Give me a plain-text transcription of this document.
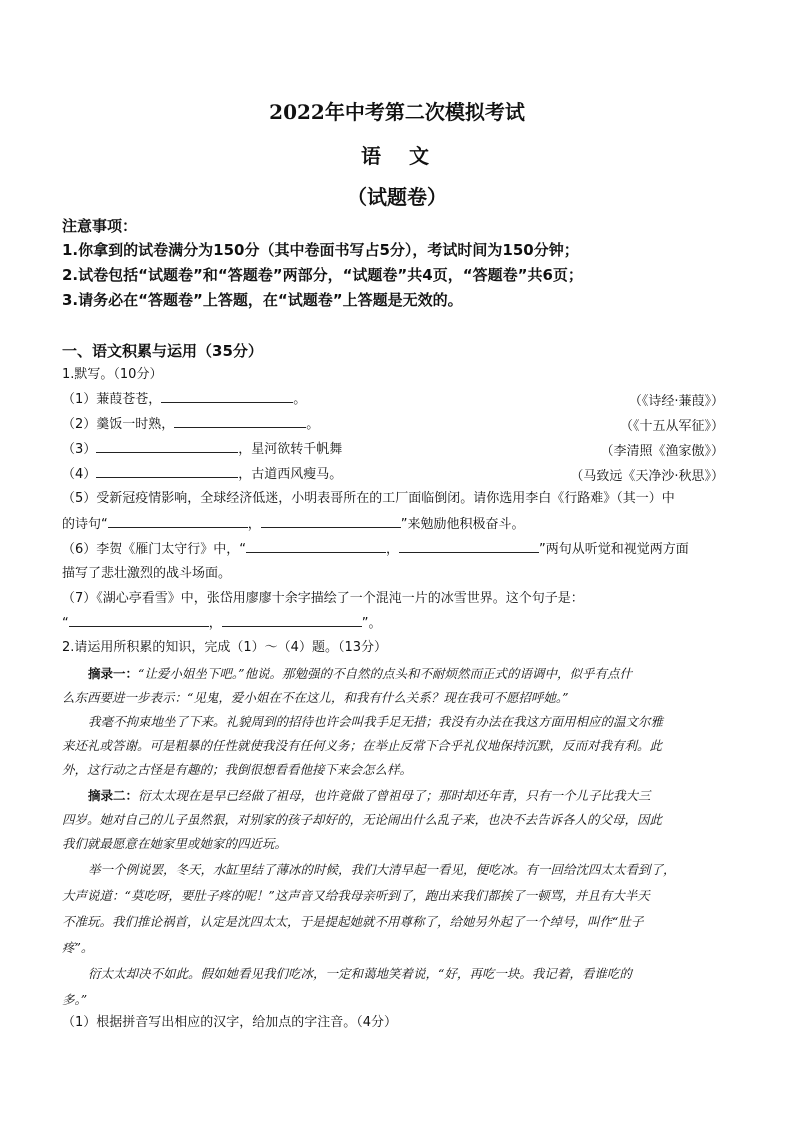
2022年中考第二次模拟考试
语　文
（试题卷）
注意事项：
1.你拿到的试卷满分为150分（其中卷面书写占5分），考试时间为150分钟；
2.试卷包括“试题卷”和“答题卷”两部分，“试题卷”共4页，“答题卷”共6页；
3.请务必在“答题卷”上答题，在“试题卷”上答题是无效的。
一、语文积累与运用（35分）
1.默写。（10分）
（1）蒹葭苍苍，	。	（《诗经·蒹葭》）
（2）羹饭一时熟，	。	（《十五从军征》）
（3）	，星河欲转千帆舞	（李清照《渔家傲》）
（4）	，古道西风瘦马。	（马致远《天净沙·秋思》）
（5）受新冠疫情影响，全球经济低迷，小明表哥所在的工厂面临倒闭。请你选用李白《行路难》（其一）中
的诗句“	，	”来勉励他积极奋斗。
（6）李贺《雁门太守行》中，“	，	”两句从听觉和视觉两方面
描写了悲壮激烈的战斗场面。
（7）《湖心亭看雪》中，张岱用廖廖十余字描绘了一个混沌一片的冰雪世界。这个句子是：
“	，	”。
2.请运用所积累的知识，完成（1）～（4）题。（13分）
摘录一：“让爱小姐坐下吧。”他说。那勉强的不自然的点头和不耐烦然而正式的语调中，似乎有点什
么东西要进一步表示：“见鬼，爱小姐在不在这儿，和我有什么关系？现在我可不愿招呼她。”
我毫不拘束地坐了下来。礼貌周到的招待也许会叫我手足无措；我没有办法在我这方面用相应的温文尔雅
来还礼或答谢。可是粗暴的任性就使我没有任何义务；在举止反常下合乎礼仪地保持沉默，反而对我有利。此
外，这行动之古怪是有趣的；我倒很想看看他接下来会怎么样。
摘录二：衍太太现在是早已经做了祖母，也许竟做了曾祖母了；那时却还年青，只有一个儿子比我大三
四岁。她对自己的儿子虽然狠，对别家的孩子却好的，无论闹出什么乱子来，也决不去告诉各人的父母，因此
我们就最愿意在她家里或她家的四近玩。
举一个例说罢，冬天，水缸里结了薄冰的时候，我们大清早起一看见，便吃冰。有一回给沈四太太看到了，
大声说道：“莫吃呀，要肚子疼的呢！”这声音又给我母亲听到了，跑出来我们都挨了一顿骂，并且有大半天
不准玩。我们推论祸首，认定是沈四太太，于是提起她就不用尊称了，给她另外起了一个绰号，叫作“肚子
疼”。
衍太太却决不如此。假如她看见我们吃冰，一定和蔼地笑着说，“好，再吃一块。我记着，看谁吃的
多。”
（1）根据拼音写出相应的汉字，给加点的字注音。（4分）
